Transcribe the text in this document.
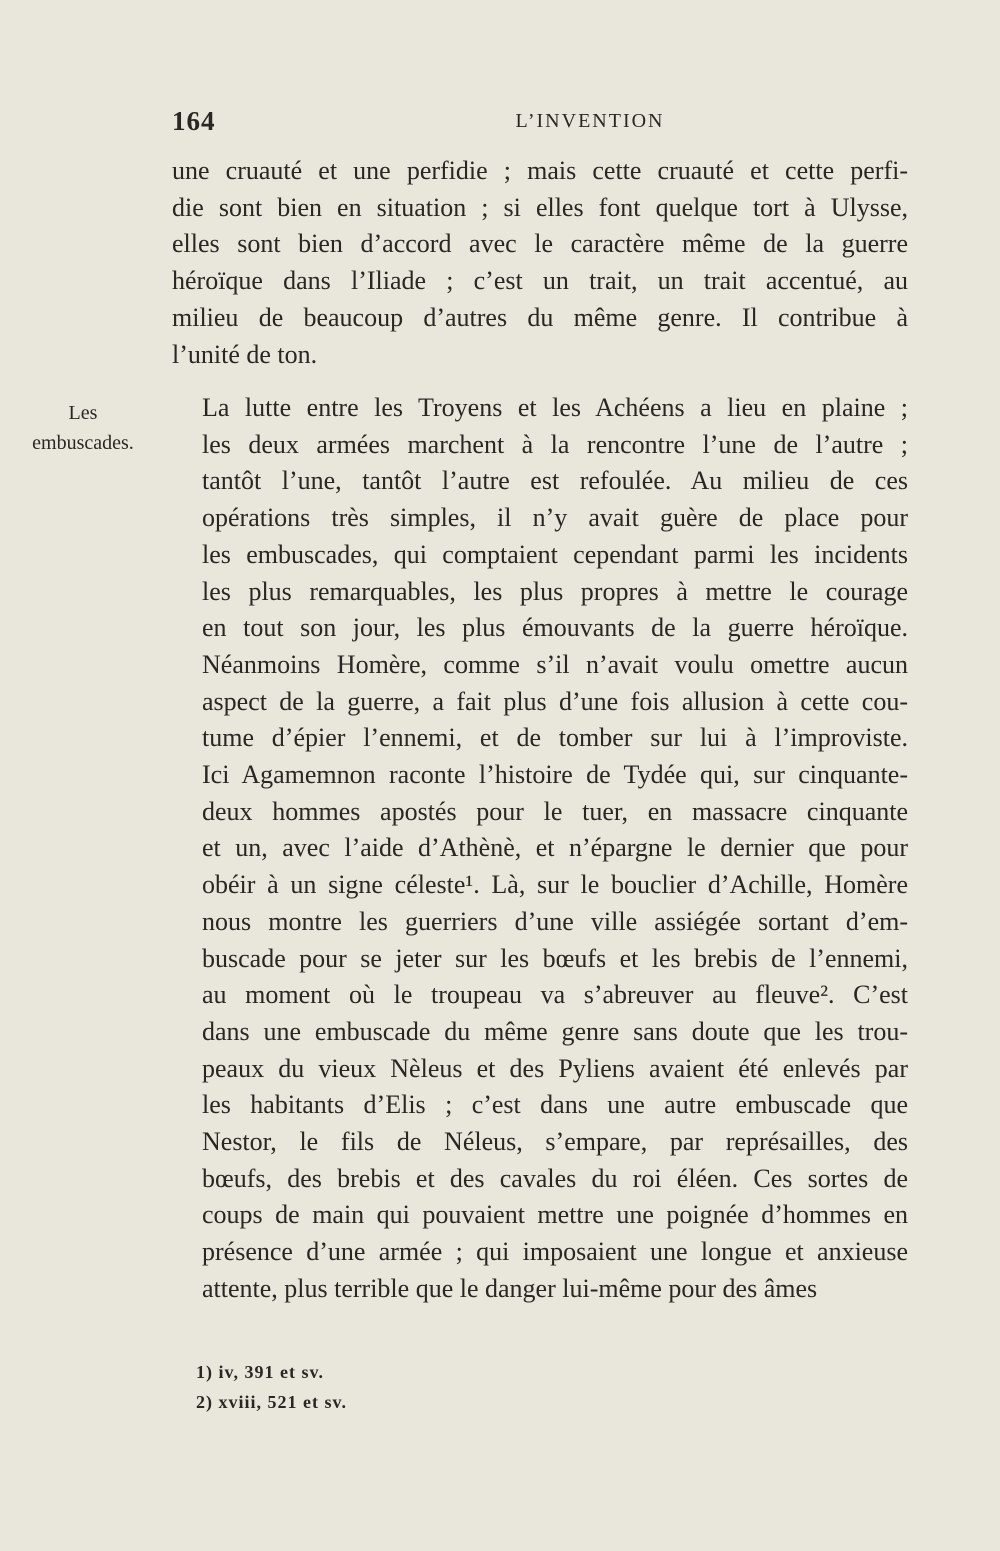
164	L’INVENTION
Les
embuscades.
une cruauté et une perfidie ; mais cette cruauté et cette perfi-
die sont bien en situation ; si elles font quelque tort à Ulysse,
elles sont bien d’accord avec le caractère même de la guerre
héroïque dans l’Iliade ; c’est un trait, un trait accentué, au
milieu de beaucoup d’autres du même genre. Il contribue à
l’unité de ton.
La lutte entre les Troyens et les Achéens a lieu en plaine ;
les deux armées marchent à la rencontre l’une de l’autre ;
tantôt l’une, tantôt l’autre est refoulée. Au milieu de ces
opérations très simples, il n’y avait guère de place pour
les embuscades, qui comptaient cependant parmi les incidents
les plus remarquables, les plus propres à mettre le courage
en tout son jour, les plus émouvants de la guerre héroïque.
Néanmoins Homère, comme s’il n’avait voulu omettre aucun
aspect de la guerre, a fait plus d’une fois allusion à cette cou-
tume d’épier l’ennemi, et de tomber sur lui à l’improviste.
Ici Agamemnon raconte l’histoire de Tydée qui, sur cinquante-
deux hommes apostés pour le tuer, en massacre cinquante
et un, avec l’aide d’Athènè, et n’épargne le dernier que pour
obéir à un signe céleste¹. Là, sur le bouclier d’Achille, Homère
nous montre les guerriers d’une ville assiégée sortant d’em-
buscade pour se jeter sur les bœufs et les brebis de l’ennemi,
au moment où le troupeau va s’abreuver au fleuve². C’est
dans une embuscade du même genre sans doute que les trou-
peaux du vieux Nèleus et des Pyliens avaient été enlevés par
les habitants d’Elis ; c’est dans une autre embuscade que
Nestor, le fils de Néleus, s’empare, par représailles, des
bœufs, des brebis et des cavales du roi éléen. Ces sortes de
coups de main qui pouvaient mettre une poignée d’hommes en
présence d’une armée ; qui imposaient une longue et anxieuse
attente, plus terrible que le danger lui-même pour des âmes
1) iv, 391 et sv.
2) xviii, 521 et sv.
